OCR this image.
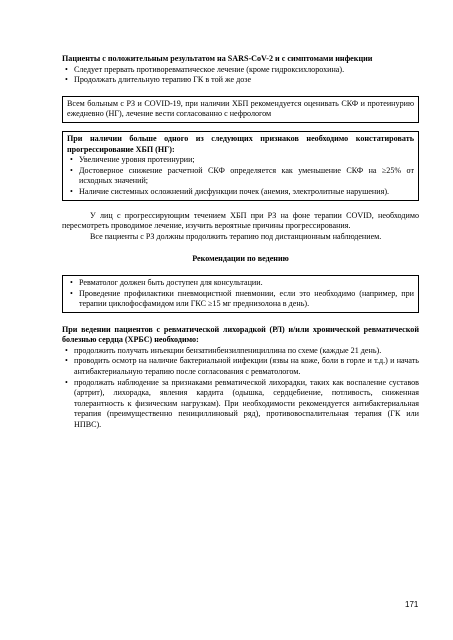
Пациенты с положительным результатом на SARS-CoV-2 и с симптомами инфекции

• Следует прервать противоревматическое лечение (кроме гидроксихлорохина).
• Продолжать длительную терапию ГК в той же дозе

Всем больным с РЗ и COVID-19, при наличии ХБП рекомендуется оценивать СКФ и протеинурию ежедневно (НГ), лечение вести согласованно с нефрологом

При наличии больше одного из следующих признаков необходимо констатировать прогрессирование ХБП (НГ):

• Увеличение уровня протеинурии;
• Достоверное снижение расчетной СКФ определяется как уменьшение СКФ на ≥25% от исходных значений;
• Наличие системных осложнений дисфункции почек (анемия, электролитные нарушения).

У лиц с прогрессирующим течением ХБП при РЗ на фоне терапии COVID, необходимо пересмотреть проводимое лечение, изучить вероятные причины прогрессирования.

Все пациенты с РЗ должны продолжить терапию под дистанционным наблюдением.

Рекомендации по ведению

• Ревматолог должен быть доступен для консультации.
• Проведение профилактики пневмоцистной пневмонии, если это необходимо (например, при терапии циклофосфамидом или ГКС ≥15 мг преднизолона в день).

При ведении пациентов с ревматической лихорадкой (РЛ) и/или хронической ревматической болезнью сердца (ХРБС) необходимо:

• продолжить получать инъекции бензатинбензилпенициллина по схеме (каждые 21 день).
• проводить осмотр на наличие бактериальной инфекции (язвы на коже, боли в горле и т.д.) и начать антибактериальную терапию после согласования с ревматологом.
• продолжать наблюдение за признаками ревматической лихорадки, таких как воспаление суставов (артрит), лихорадка, явления кардита (одышка, сердцебиение, потливость, сниженная толерантность к физическим нагрузкам). При необходимости рекомендуется антибактериальная терапия (преимущественно пенициллиновый ряд), противовоспалительная терапия (ГК или НПВС).
171
